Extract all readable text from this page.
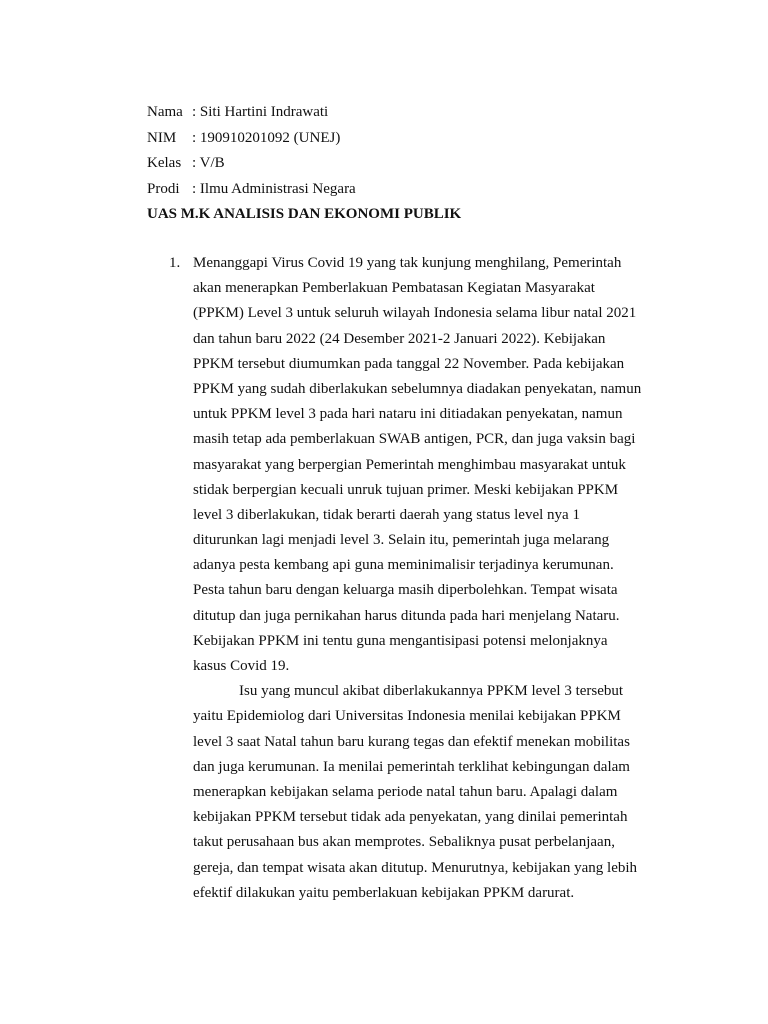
Nama : Siti Hartini Indrawati
NIM : 190910201092 (UNEJ)
Kelas : V/B
Prodi : Ilmu Administrasi Negara
UAS M.K ANALISIS DAN EKONOMI PUBLIK
1. Menanggapi Virus Covid 19 yang tak kunjung menghilang, Pemerintah
akan menerapkan Pemberlakuan Pembatasan Kegiatan Masyarakat
(PPKM) Level 3 untuk seluruh wilayah Indonesia selama libur natal 2021
dan tahun baru 2022 (24 Desember 2021-2 Januari 2022). Kebijakan
PPKM tersebut diumumkan pada tanggal 22 November. Pada kebijakan
PPKM yang sudah diberlakukan sebelumnya diadakan penyekatan, namun
untuk PPKM level 3 pada hari nataru ini ditiadakan penyekatan, namun
masih tetap ada pemberlakuan SWAB antigen, PCR, dan juga vaksin bagi
masyarakat yang berpergian Pemerintah menghimbau masyarakat untuk
stidak berpergian kecuali unruk tujuan primer. Meski kebijakan PPKM
level 3 diberlakukan, tidak berarti daerah yang status level nya 1
diturunkan lagi menjadi level 3. Selain itu, pemerintah juga melarang
adanya pesta kembang api guna meminimalisir terjadinya kerumunan.
Pesta tahun baru dengan keluarga masih diperbolehkan. Tempat wisata
ditutup dan juga pernikahan harus ditunda pada hari menjelang Nataru.
Kebijakan PPKM ini tentu guna mengantisipasi potensi melonjaknya
kasus Covid 19.
Isu yang muncul akibat diberlakukannya PPKM level 3 tersebut
yaitu Epidemiolog dari Universitas Indonesia menilai kebijakan PPKM
level 3 saat Natal tahun baru kurang tegas dan efektif menekan mobilitas
dan juga kerumunan. Ia menilai pemerintah terklihat kebingungan dalam
menerapkan kebijakan selama periode natal tahun baru. Apalagi dalam
kebijakan PPKM tersebut tidak ada penyekatan, yang dinilai pemerintah
takut perusahaan bus akan memprotes. Sebaliknya pusat perbelanjaan,
gereja, dan tempat wisata akan ditutup. Menurutnya, kebijakan yang lebih
efektif dilakukan yaitu pemberlakuan kebijakan PPKM darurat.
